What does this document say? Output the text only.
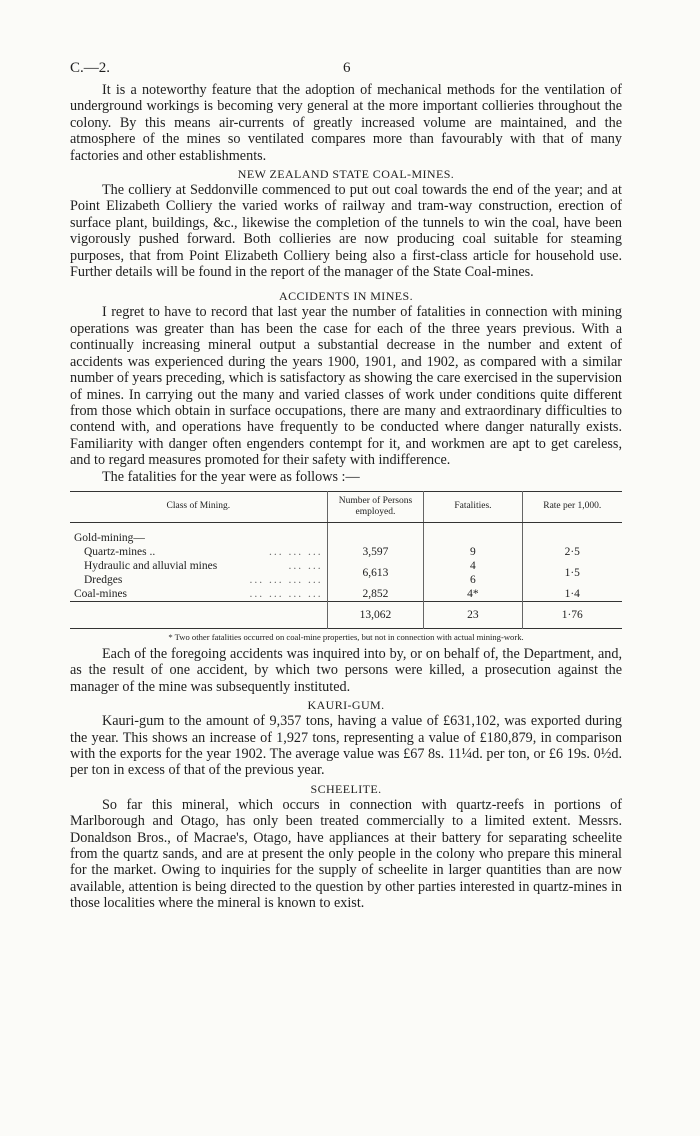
C.—2.	6

It is a noteworthy feature that the adoption of mechanical methods for the ventilation of underground workings is becoming very general at the more important collieries throughout the colony. By this means air-currents of greatly increased volume are maintained, and the atmosphere of the mines so ventilated compares more than favourably with that of many factories and other establishments.

NEW ZEALAND STATE COAL-MINES.

The colliery at Seddonville commenced to put out coal towards the end of the year; and at Point Elizabeth Colliery the varied works of railway and tram-way construction, erection of surface plant, buildings, &c., likewise the completion of the tunnels to win the coal, have been vigorously pushed forward. Both collieries are now producing coal suitable for steaming purposes, that from Point Elizabeth Colliery being also a first-class article for household use. Further details will be found in the report of the manager of the State Coal-mines.

ACCIDENTS IN MINES.

I regret to have to record that last year the number of fatalities in connection with mining operations was greater than has been the case for each of the three years previous. With a continually increasing mineral output a substantial decrease in the number and extent of accidents was experienced during the years 1900, 1901, and 1902, as compared with a similar number of years preceding, which is satisfactory as showing the care exercised in the supervision of mines. In carrying out the many and varied classes of work under conditions quite different from those which obtain in surface occupations, there are many and extraordinary difficulties to contend with, and operations have frequently to be conducted where danger naturally exists. Familiarity with danger often engenders contempt for it, and workmen are apt to get careless, and to regard measures promoted for their safety with indifference.

The fatalities for the year were as follows :—

Class of Mining.	Number of Persons employed.	Fatalities.	Rate per 1,000.

Gold-mining—			
Quartz-mines .. ... ... ...	3,597	9	2·5
Hydraulic and alluvial mines ... ...	6,613	4	1·5
Dredges ... ... ... ...		6	
Coal-mines ... ... ... ...	2,852	4*	1·4
	13,062	23	1·76
* Two other fatalities occurred on coal-mine properties, but not in connection with actual mining-work.

Each of the foregoing accidents was inquired into by, or on behalf of, the Department, and, as the result of one accident, by which two persons were killed, a prosecution against the manager of the mine was subsequently instituted.

KAURI-GUM.

Kauri-gum to the amount of 9,357 tons, having a value of £631,102, was exported during the year. This shows an increase of 1,927 tons, representing a value of £180,879, in comparison with the exports for the year 1902. The average value was £67 8s. 11¼d. per ton, or £6 19s. 0½d. per ton in excess of that of the previous year.

SCHEELITE.

So far this mineral, which occurs in connection with quartz-reefs in portions of Marlborough and Otago, has only been treated commercially to a limited extent. Messrs. Donaldson Bros., of Macrae's, Otago, have appliances at their battery for separating scheelite from the quartz sands, and are at present the only people in the colony who prepare this mineral for the market. Owing to inquiries for the supply of scheelite in larger quantities than are now available, attention is being directed to the question by other parties interested in quartz-mines in those localities where the mineral is known to exist.
